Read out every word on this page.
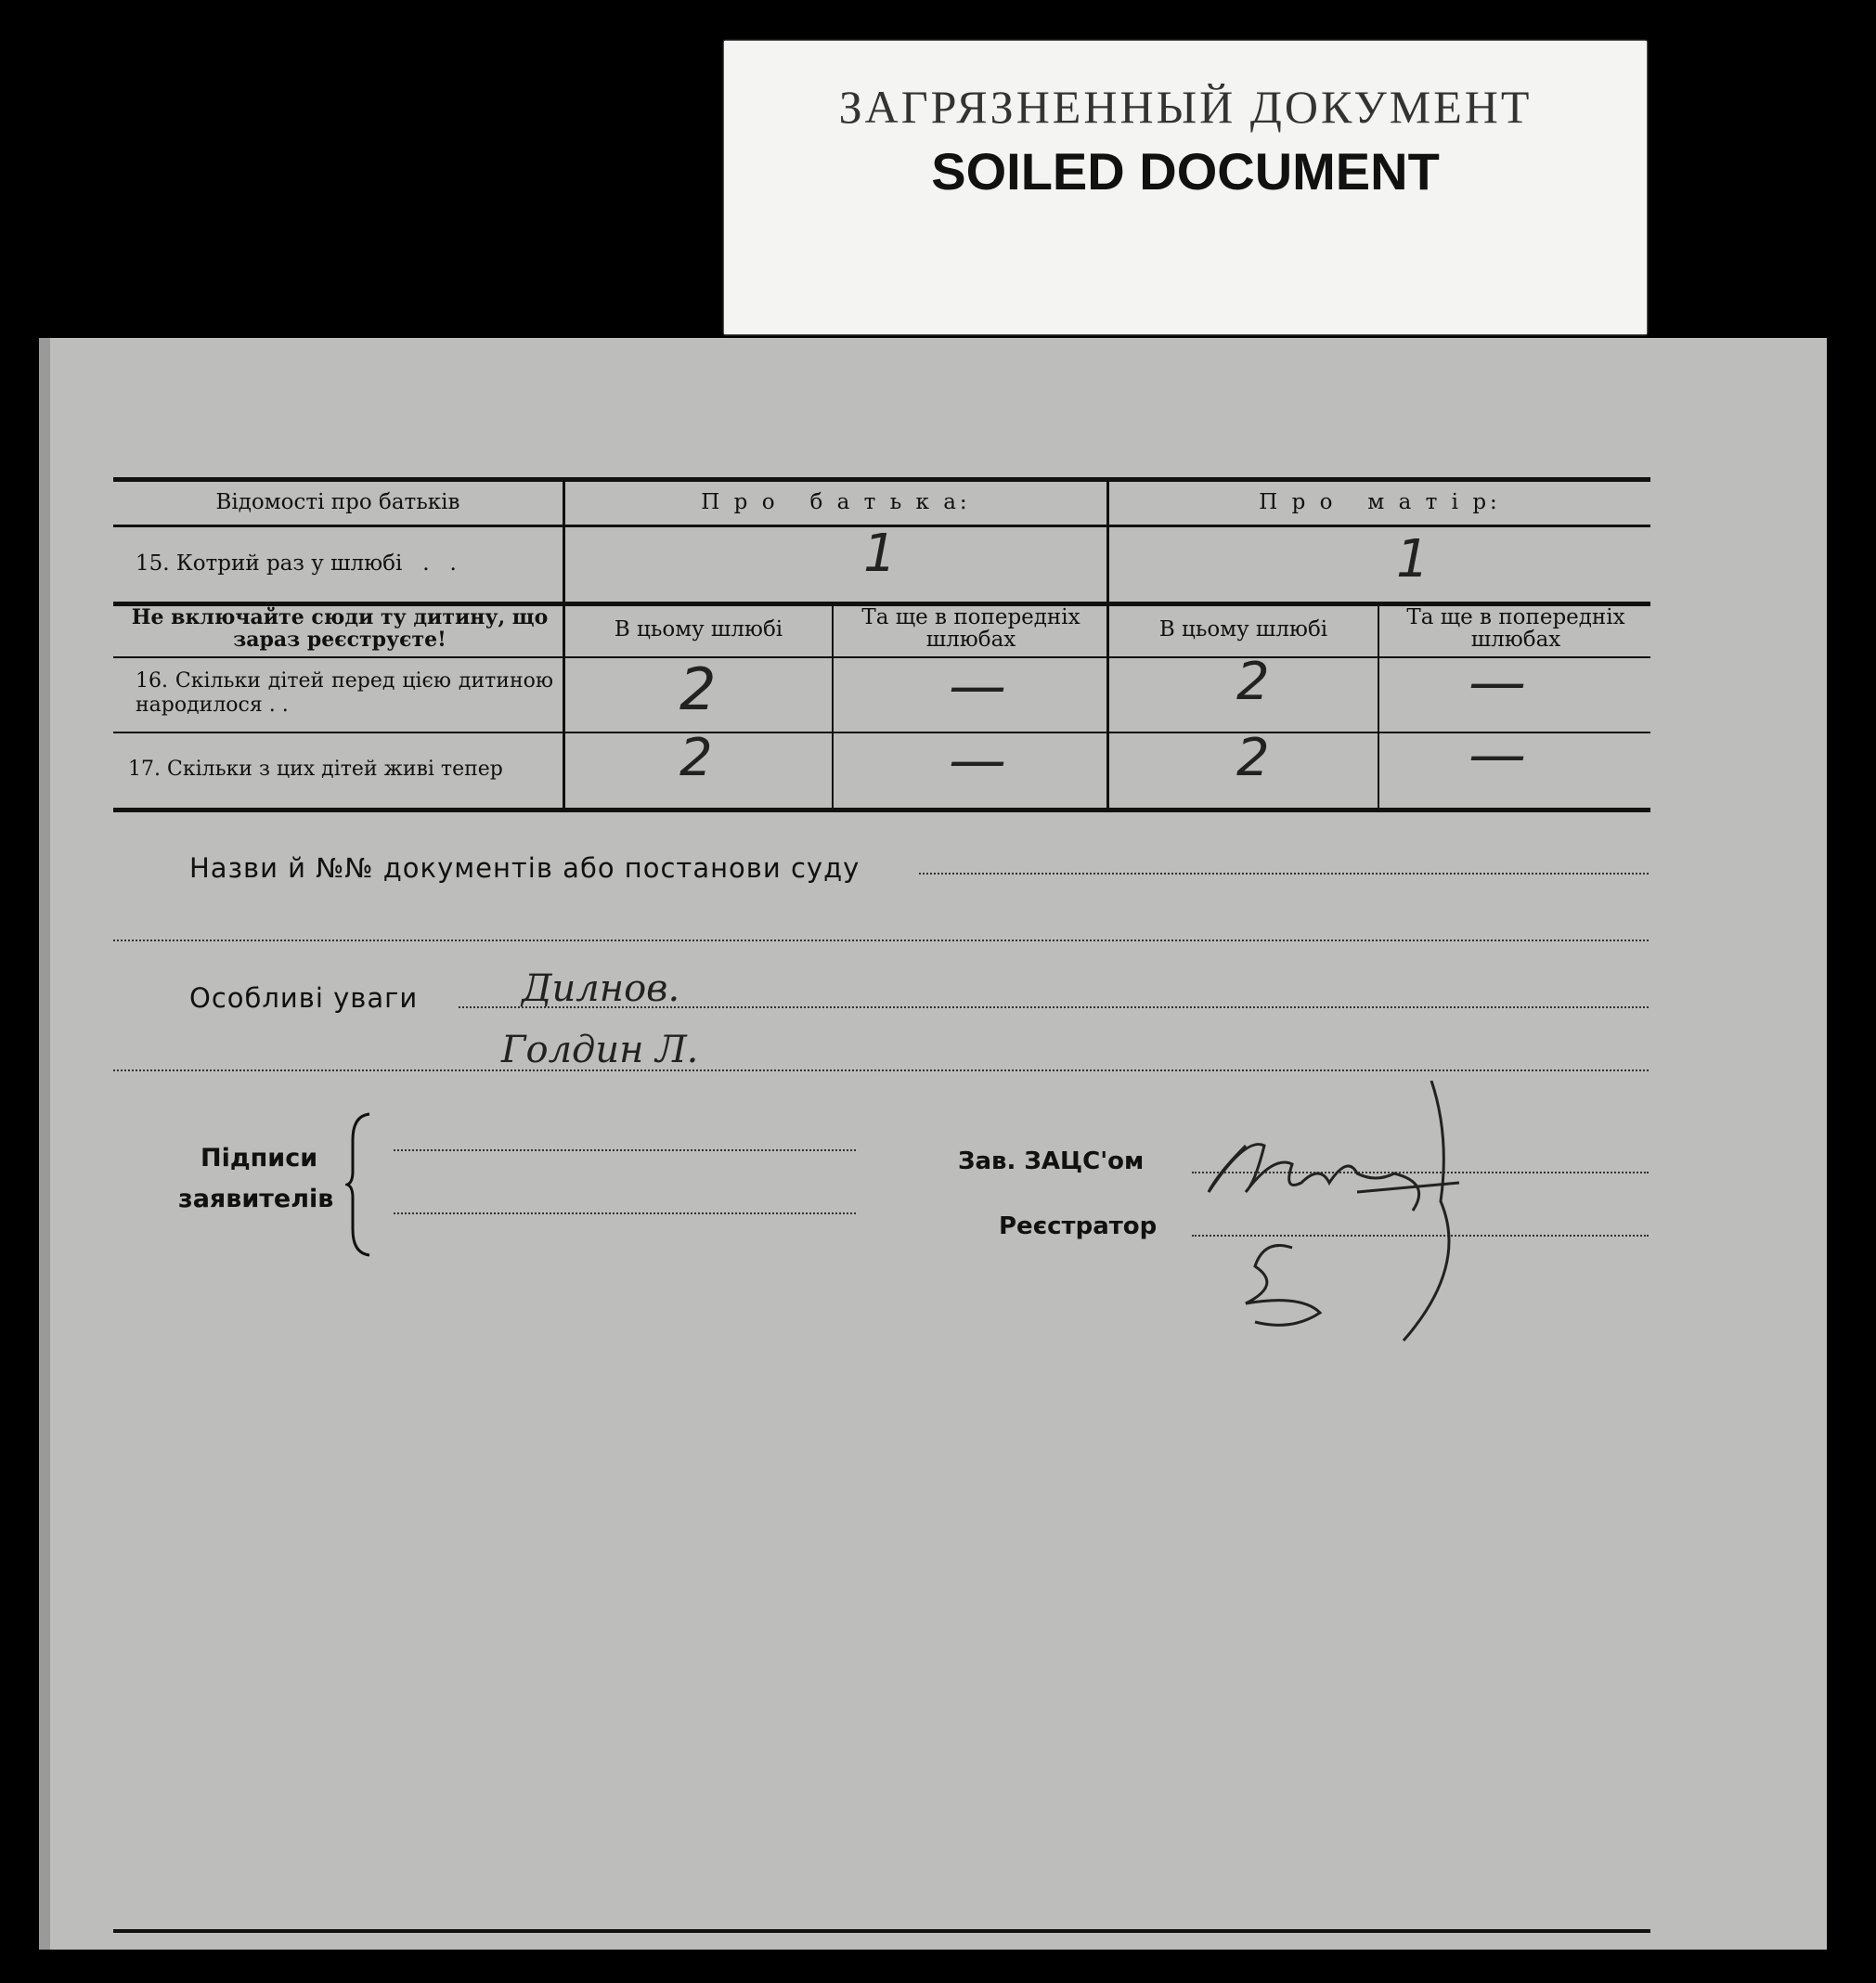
ЗАГРЯЗНЕННЫЙ ДОКУМЕНТ
SOILED DOCUMENT
Відомості про батьків	П р о   б а т ь к а:	П р о   м а т і р:
15. Котрий раз у шлюбі   .   .	1	1
Не включайте сюди ту дитину, що зараз реєструєте!	В цьому шлюбі	Та ще в попередніх шлюбах	В цьому шлюбі	Та ще в попередніх шлюбах
16. Скільки дітей перед цією дитиною народилося . .	2	—	2	—
17. Скільки з цих дітей живі тепер	2	—	2	—
Назви й №№ документів або постанови суду
Особливі уваги	Дилнов.
Голдин Л.
Підписи
заявителів
Зав. ЗАЦС'ом
Реєстратор
